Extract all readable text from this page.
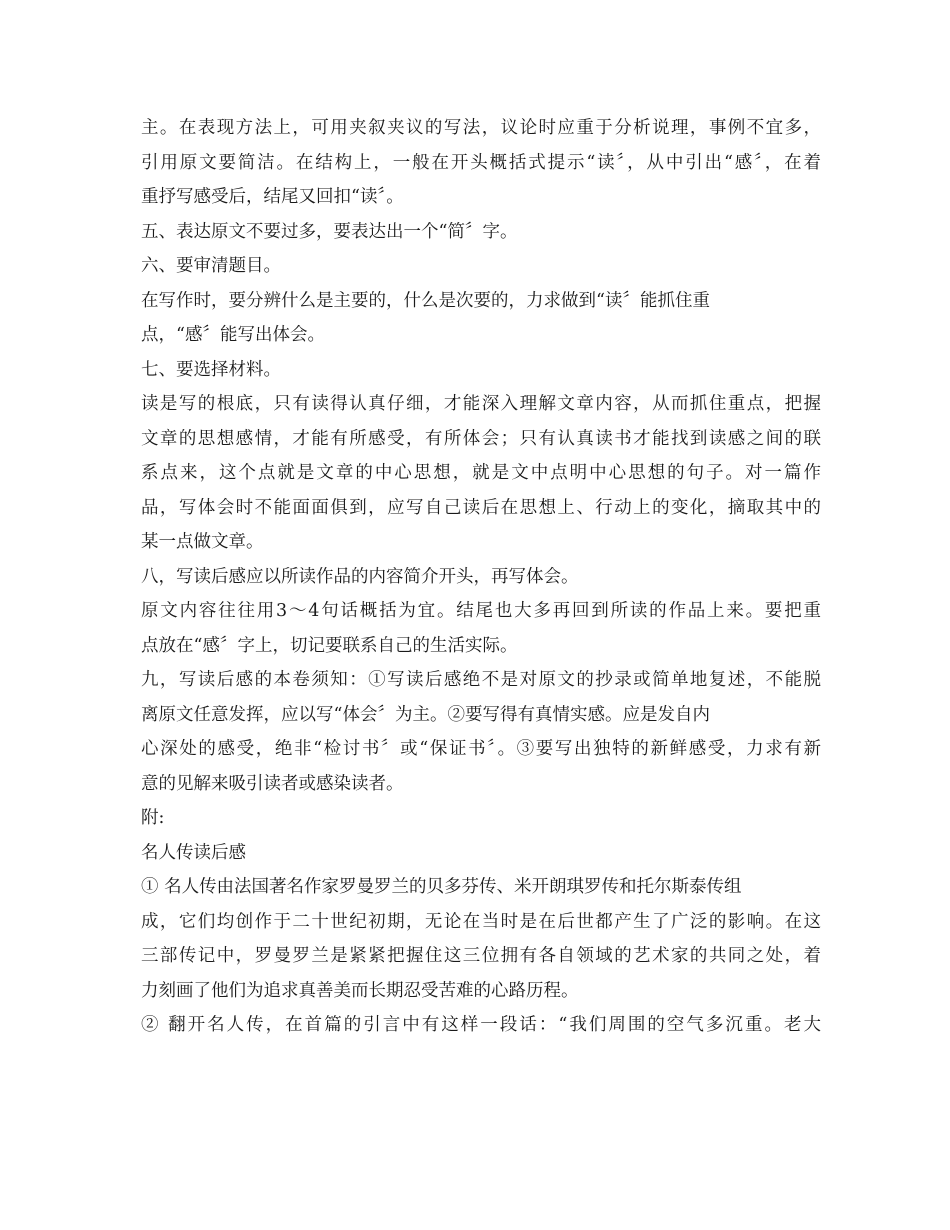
主。在表现方法上，可用夹叙夹议的写法，议论时应重于分析说理，事例不宜多，
引用原文要简洁。在结构上，一般在开头概括式提示“读〞，从中引出“感〞，在着
重抒写感受后，结尾又回扣“读〞。
五、表达原文不要过多，要表达出一个“简〞字。
六、要审清题目。
在写作时，要分辨什么是主要的，什么是次要的，力求做到“读〞能抓住重
点，“感〞能写出体会。
七、要选择材料。
读是写的根底，只有读得认真仔细，才能深入理解文章内容，从而抓住重点，把握
文章的思想感情，才能有所感受，有所体会；只有认真读书才能找到读感之间的联
系点来，这个点就是文章的中心思想，就是文中点明中心思想的句子。对一篇作
品，写体会时不能面面俱到，应写自己读后在思想上、行动上的变化，摘取其中的
某一点做文章。
八，写读后感应以所读作品的内容简介开头，再写体会。
原文内容往往用3～4句话概括为宜。结尾也大多再回到所读的作品上来。要把重
点放在“感〞字上，切记要联系自己的生活实际。
九，写读后感的本卷须知：①写读后感绝不是对原文的抄录或简单地复述，不能脱
离原文任意发挥，应以写“体会〞为主。②要写得有真情实感。应是发自内
心深处的感受，绝非“检讨书〞或“保证书〞。③要写出独特的新鲜感受，力求有新
意的见解来吸引读者或感染读者。
附:
名人传读后感
① 名人传由法国著名作家罗曼罗兰的贝多芬传、米开朗琪罗传和托尔斯泰传组
成，它们均创作于二十世纪初期，无论在当时是在后世都产生了广泛的影响。在这
三部传记中，罗曼罗兰是紧紧把握住这三位拥有各自领域的艺术家的共同之处，着
力刻画了他们为追求真善美而长期忍受苦难的心路历程。
② 翻开名人传，在首篇的引言中有这样一段话：“我们周围的空气多沉重。老大
